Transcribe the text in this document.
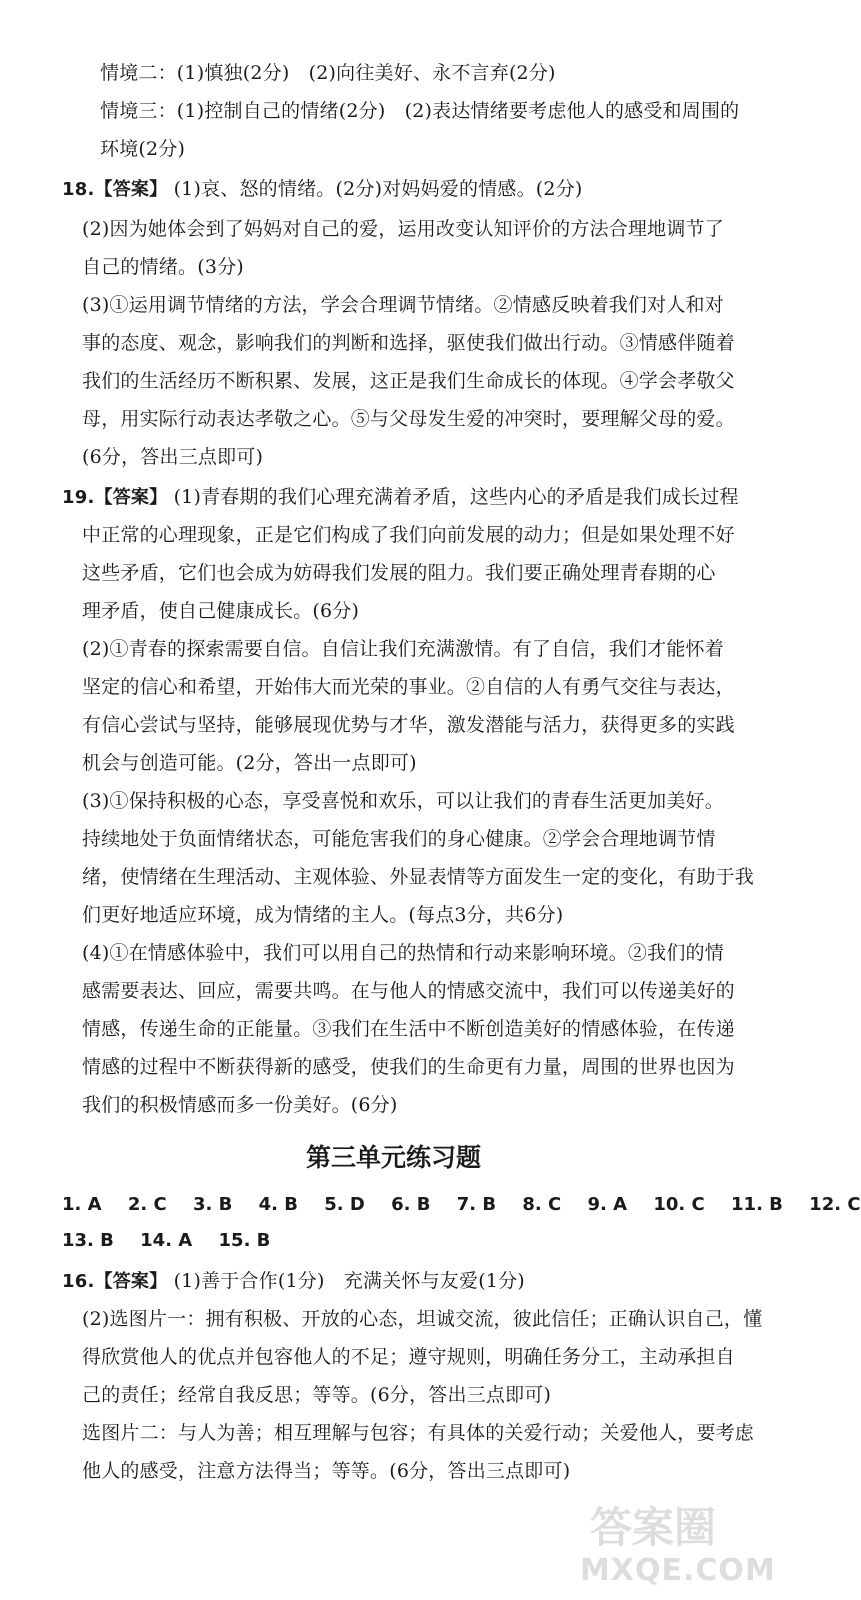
情境二：(1)慎独(2分)　(2)向往美好、永不言弃(2分)
情境三：(1)控制自己的情绪(2分)　(2)表达情绪要考虑他人的感受和周围的
环境(2分)
18.【答案】 (1)哀、怒的情绪。(2分)对妈妈爱的情感。(2分)
(2)因为她体会到了妈妈对自己的爱，运用改变认知评价的方法合理地调节了
自己的情绪。(3分)
(3)①运用调节情绪的方法，学会合理调节情绪。②情感反映着我们对人和对
事的态度、观念，影响我们的判断和选择，驱使我们做出行动。③情感伴随着
我们的生活经历不断积累、发展，这正是我们生命成长的体现。④学会孝敬父
母，用实际行动表达孝敬之心。⑤与父母发生爱的冲突时，要理解父母的爱。
(6分，答出三点即可)
19.【答案】 (1)青春期的我们心理充满着矛盾，这些内心的矛盾是我们成长过程
中正常的心理现象，正是它们构成了我们向前发展的动力；但是如果处理不好
这些矛盾，它们也会成为妨碍我们发展的阻力。我们要正确处理青春期的心
理矛盾，使自己健康成长。(6分)
(2)①青春的探索需要自信。自信让我们充满激情。有了自信，我们才能怀着
坚定的信心和希望，开始伟大而光荣的事业。②自信的人有勇气交往与表达，
有信心尝试与坚持，能够展现优势与才华，激发潜能与活力，获得更多的实践
机会与创造可能。(2分，答出一点即可)
(3)①保持积极的心态，享受喜悦和欢乐，可以让我们的青春生活更加美好。
持续地处于负面情绪状态，可能危害我们的身心健康。②学会合理地调节情
绪，使情绪在生理活动、主观体验、外显表情等方面发生一定的变化，有助于我
们更好地适应环境，成为情绪的主人。(每点3分，共6分)
(4)①在情感体验中，我们可以用自己的热情和行动来影响环境。②我们的情
感需要表达、回应，需要共鸣。在与他人的情感交流中，我们可以传递美好的
情感，传递生命的正能量。③我们在生活中不断创造美好的情感体验，在传递
情感的过程中不断获得新的感受，使我们的生命更有力量，周围的世界也因为
我们的积极情感而多一份美好。(6分)
第三单元练习题
1. A 2. C 3. B 4. B 5. D 6. B 7. B 8. C 9. A 10. C 11. B 12. C
13. B 14. A 15. B
16.【答案】 (1)善于合作(1分)　充满关怀与友爱(1分)
(2)选图片一：拥有积极、开放的心态，坦诚交流，彼此信任；正确认识自己，懂
得欣赏他人的优点并包容他人的不足；遵守规则，明确任务分工，主动承担自
己的责任；经常自我反思；等等。(6分，答出三点即可)
选图片二：与人为善；相互理解与包容；有具体的关爱行动；关爱他人，要考虑
他人的感受，注意方法得当；等等。(6分，答出三点即可)
答案圈
MXQE.COM
